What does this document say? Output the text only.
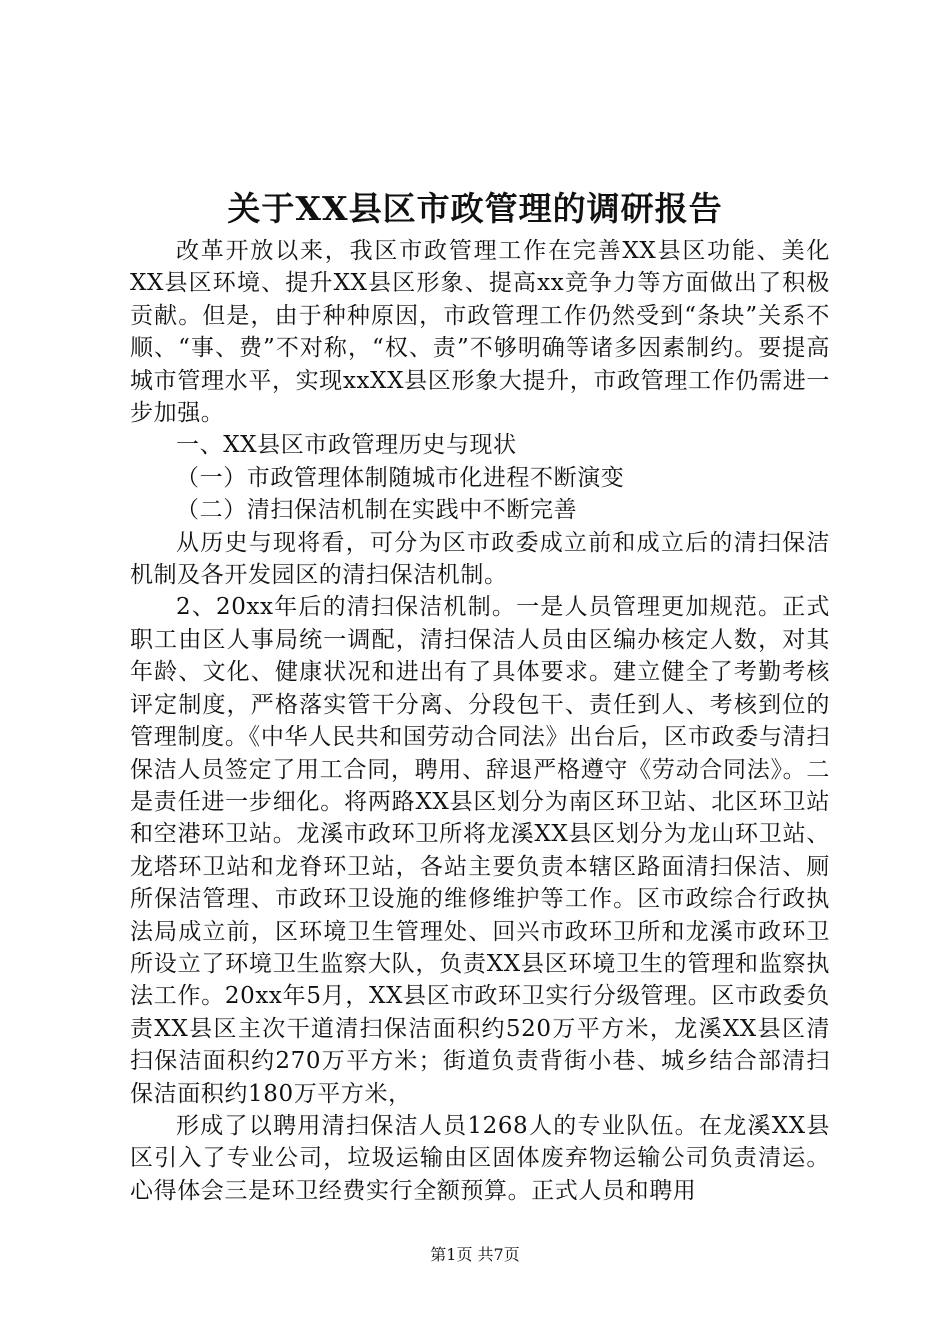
关于XX县区市政管理的调研报告

改革开放以来，我区市政管理工作在完善XX县区功能、美化XX县区环境、提升XX县区形象、提高xx竞争力等方面做出了积极贡献。但是，由于种种原因，市政管理工作仍然受到“条块”关系不顺、“事、费”不对称，“权、责”不够明确等诸多因素制约。要提高城市管理水平，实现xxXX县区形象大提升，市政管理工作仍需进一步加强。

一、XX县区市政管理历史与现状

（一）市政管理体制随城市化进程不断演变

（二）清扫保洁机制在实践中不断完善

从历史与现将看，可分为区市政委成立前和成立后的清扫保洁机制及各开发园区的清扫保洁机制。

2、20xx年后的清扫保洁机制。一是人员管理更加规范。正式职工由区人事局统一调配，清扫保洁人员由区编办核定人数，对其年龄、文化、健康状况和进出有了具体要求。建立健全了考勤考核评定制度，严格落实管干分离、分段包干、责任到人、考核到位的管理制度。《中华人民共和国劳动合同法》出台后，区市政委与清扫保洁人员签定了用工合同，聘用、辞退严格遵守《劳动合同法》。二是责任进一步细化。将两路XX县区划分为南区环卫站、北区环卫站和空港环卫站。龙溪市政环卫所将龙溪XX县区划分为龙山环卫站、龙塔环卫站和龙脊环卫站，各站主要负责本辖区路面清扫保洁、厕所保洁管理、市政环卫设施的维修维护等工作。区市政综合行政执法局成立前，区环境卫生管理处、回兴市政环卫所和龙溪市政环卫所设立了环境卫生监察大队，负责XX县区环境卫生的管理和监察执法工作。20xx年5月，XX县区市政环卫实行分级管理。区市政委负责XX县区主次干道清扫保洁面积约520万平方米，龙溪XX县区清扫保洁面积约270万平方米；街道负责背街小巷、城乡结合部清扫保洁面积约180万平方米，

形成了以聘用清扫保洁人员1268人的专业队伍。在龙溪XX县区引入了专业公司，垃圾运输由区固体废弃物运输公司负责清运。心得体会三是环卫经费实行全额预算。正式人员和聘用

第1页 共7页
